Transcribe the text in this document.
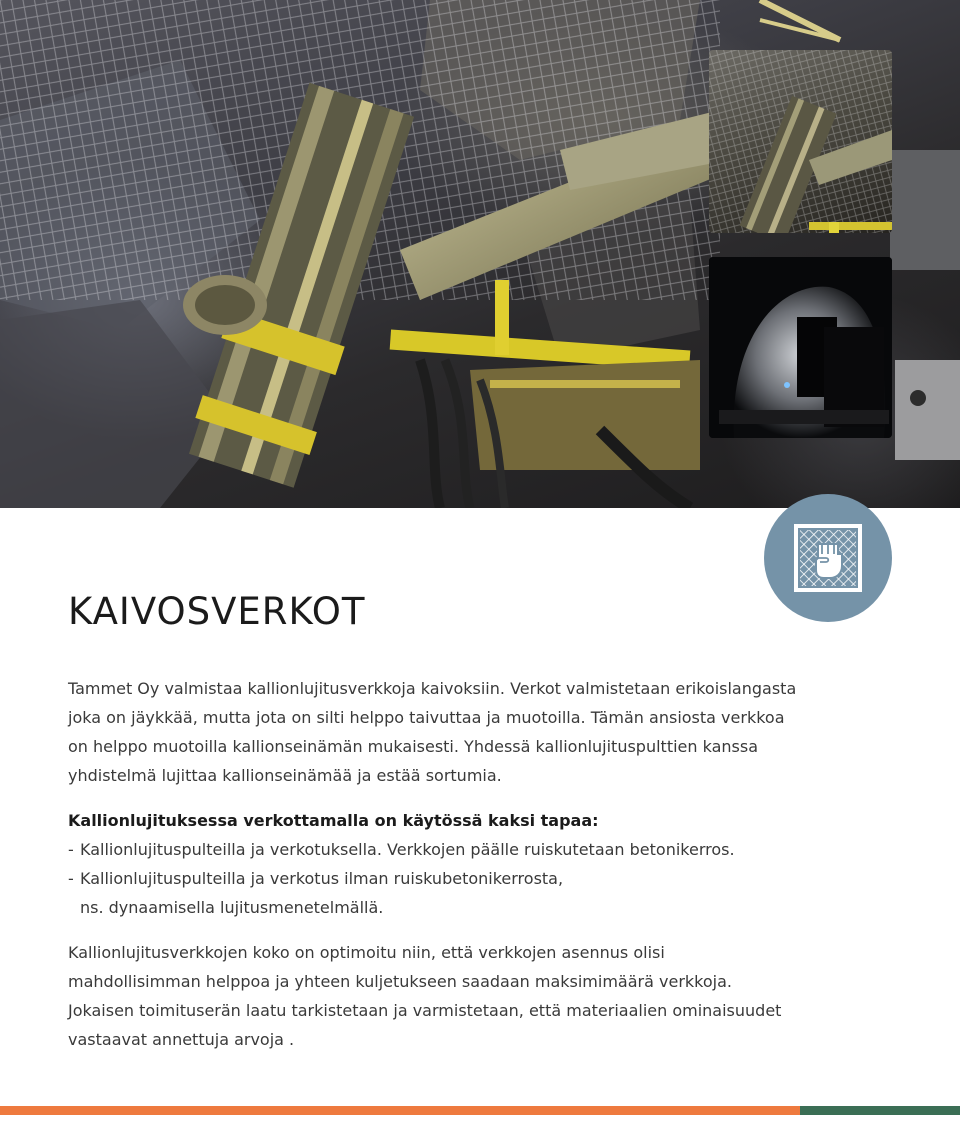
KAIVOSVERKOT

Tammet Oy valmistaa kallionlujitusverkkoja kaivoksiin. Verkot valmistetaan erikoislangasta joka on jäykkää, mutta jota on silti helppo taivuttaa ja muotoilla. Tämän ansiosta verkkoa on helppo muotoilla kallionseinämän mukaisesti. Yhdessä kallionlujituspulttien kanssa yhdistelmä lujittaa kallionseinämää ja estää sortumia.

Kallionlujituksessa verkottamalla on käytössä kaksi tapaa:
- Kallionlujituspulteilla ja verkotuksella. Verkkojen päälle ruiskutetaan betonikerros.
- Kallionlujituspulteilla ja verkotus ilman ruiskubetonikerrosta,
ns. dynaamisella lujitusmenetelmällä.

Kallionlujitusverkkojen koko on optimoitu niin, että verkkojen asennus olisi mahdollisimman helppoa ja yhteen kuljetukseen saadaan maksimimäärä verkkoja. Jokaisen toimituserän laatu tarkistetaan ja varmistetaan, että materiaalien ominaisuudet vastaavat annettuja arvoja .
